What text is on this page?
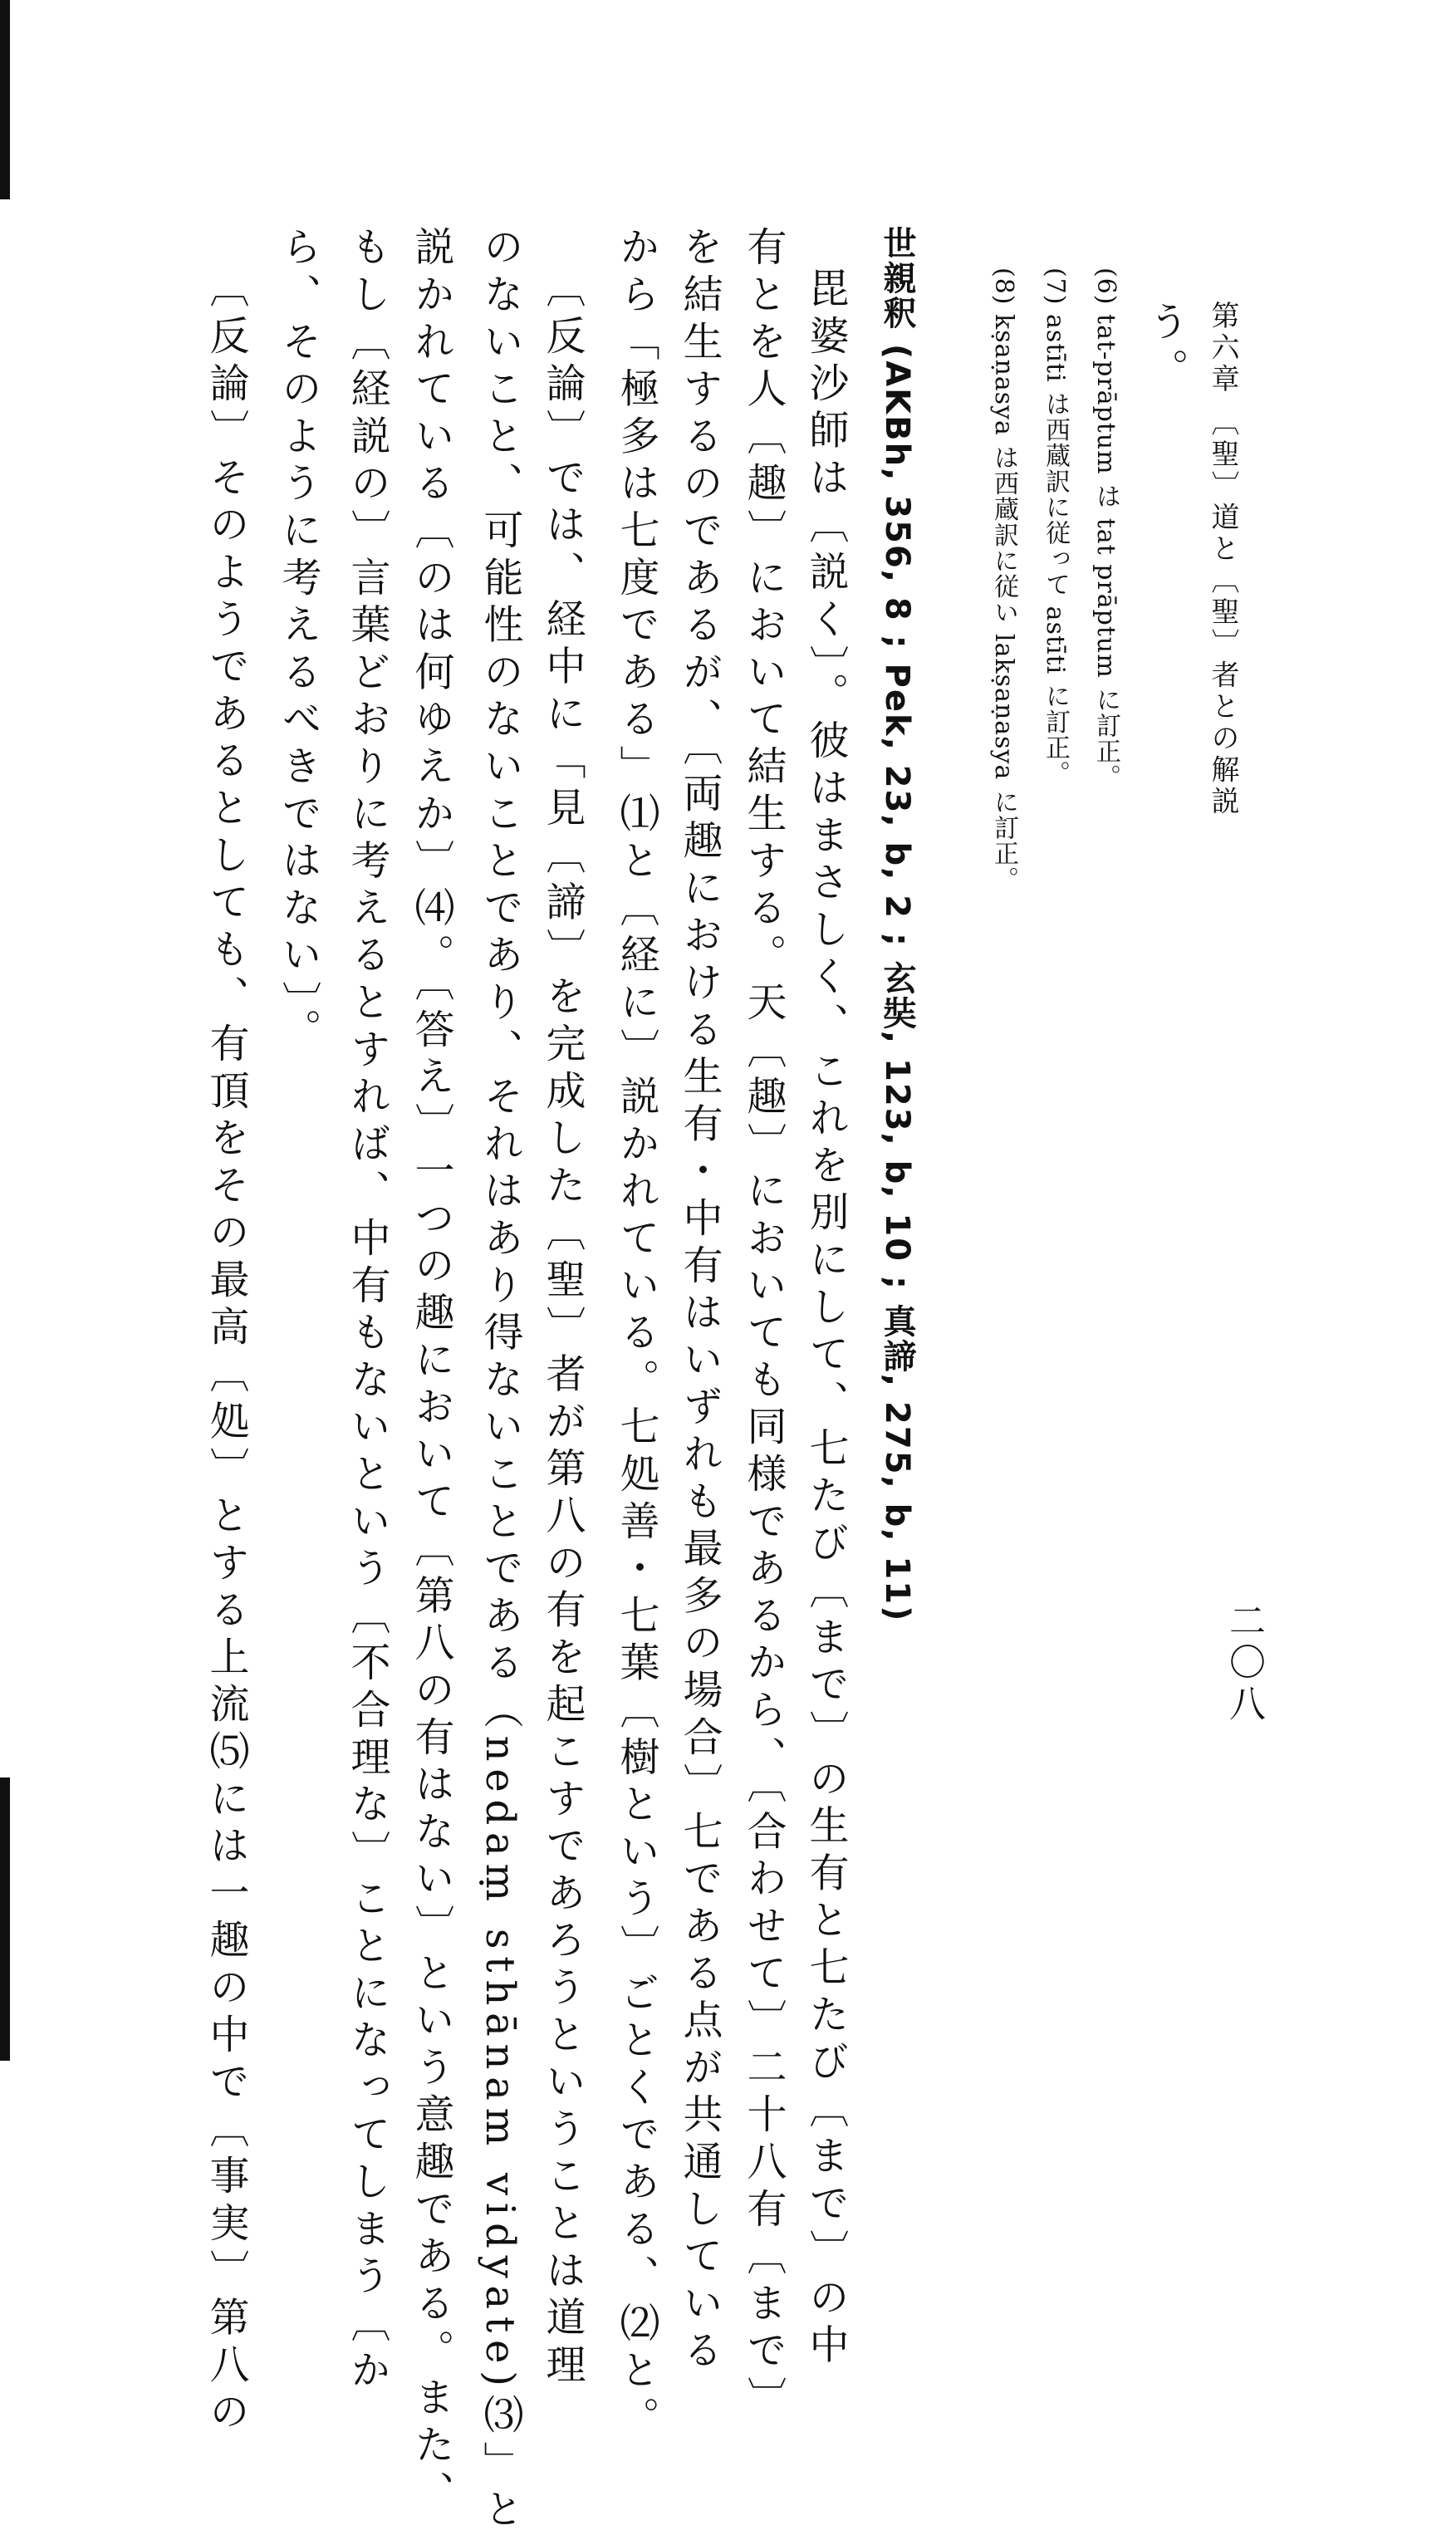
第六章 〔聖〕道と〔聖〕者との解説
二〇八
う。
(6) tat-prāptum は tat prāptum に訂正。
(7) astīti は西蔵訳に従って astīti に訂正。
(8) kṣaṇasya は西蔵訳に従い lakṣaṇasya に訂正。
世親釈 (AKBh, 356, 8 ; Pek, 23, b, 2 ; 玄奘, 123, b, 10 ; 真諦, 275, b, 11)
毘婆沙師は〔説く〕。彼はまさしく、これを別にして、七たび〔まで〕の生有と七たび〔まで〕の中
有とを人〔趣〕において結生する。天〔趣〕においても同様であるから、〔合わせて〕二十八有〔まで〕
を結生するのであるが、〔両趣における生有・中有はいずれも最多の場合〕七である点が共通している
から「極多は七度である」⑴と〔経に〕説かれている。七処善・七葉〔樹という〕ごとくである、⑵と。
〔反論〕では、経中に「見〔諦〕を完成した〔聖〕者が第八の有を起こすであろうということは道理
のないこと、可能性のないことであり、それはあり得ないことである（nedaṃ sthānam vidyate)⑶」と
説かれている〔のは何ゆえか〕⑷。〔答え〕一つの趣において〔第八の有はない〕という意趣である。また、
もし〔経説の〕言葉どおりに考えるとすれば、中有もないという〔不合理な〕ことになってしまう〔か
ら、そのように考えるべきではない〕。
〔反論〕そのようであるとしても、有頂をその最高〔処〕とする上流⑸には一趣の中で〔事実〕第八の
